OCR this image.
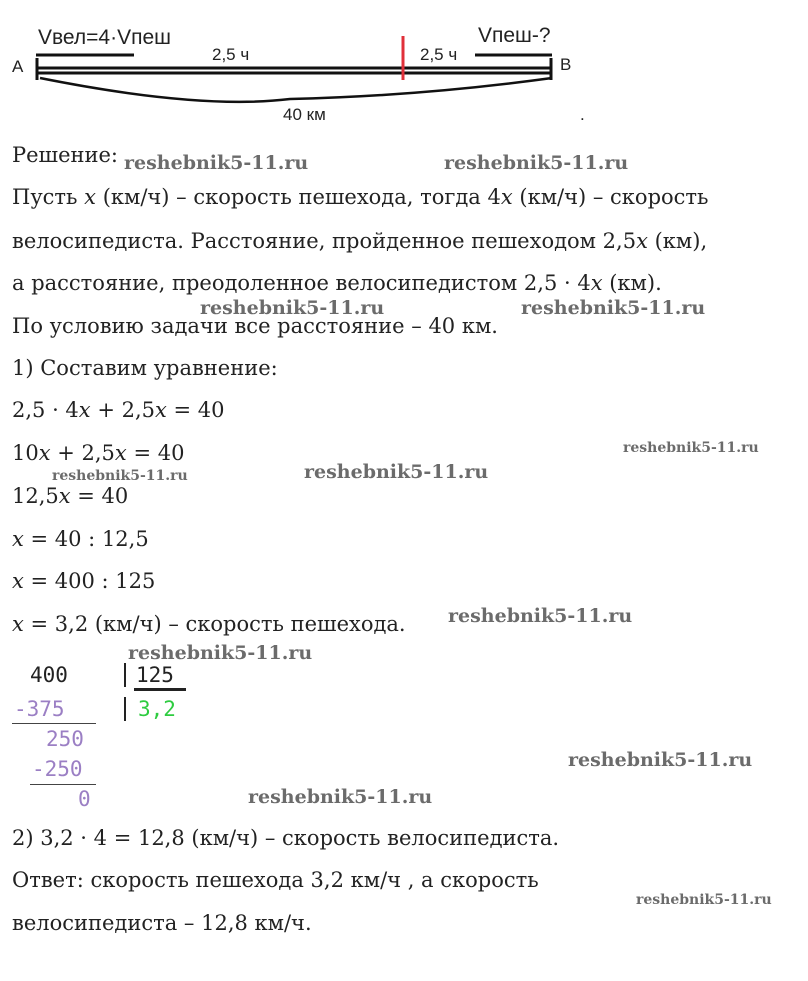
A	B
Vвел=4·Vпеш	Vпеш-?
2,5 ч	2,5 ч
40 км	.
Решение:
Пусть x (км/ч) – скорость пешехода, тогда 4x (км/ч) – скорость
велосипедиста. Расстояние, пройденное пешеходом 2,5x (км),
а расстояние, преодоленное велосипедистом 2,5 · 4x (км).
По условию задачи все расстояние – 40 км.
1) Составим уравнение:
2,5 · 4x + 2,5x = 40
10x + 2,5x = 40
12,5x = 40
x = 40 : 12,5
x = 400 : 125
x = 3,2 (км/ч) – скорость пешехода.
400	125
-375	3,2
250
-250
0
2) 3,2 · 4 = 12,8 (км/ч) – скорость велосипедиста.
Ответ: скорость пешехода 3,2 км/ч , а скорость
велосипедиста – 12,8 км/ч.
reshebnik5-11.ru	reshebnik5-11.ru
reshebnik5-11.ru	reshebnik5-11.ru
reshebnik5-11.ru
reshebnik5-11.ru	reshebnik5-11.ru
reshebnik5-11.ru
reshebnik5-11.ru
reshebnik5-11.ru
reshebnik5-11.ru
reshebnik5-11.ru
